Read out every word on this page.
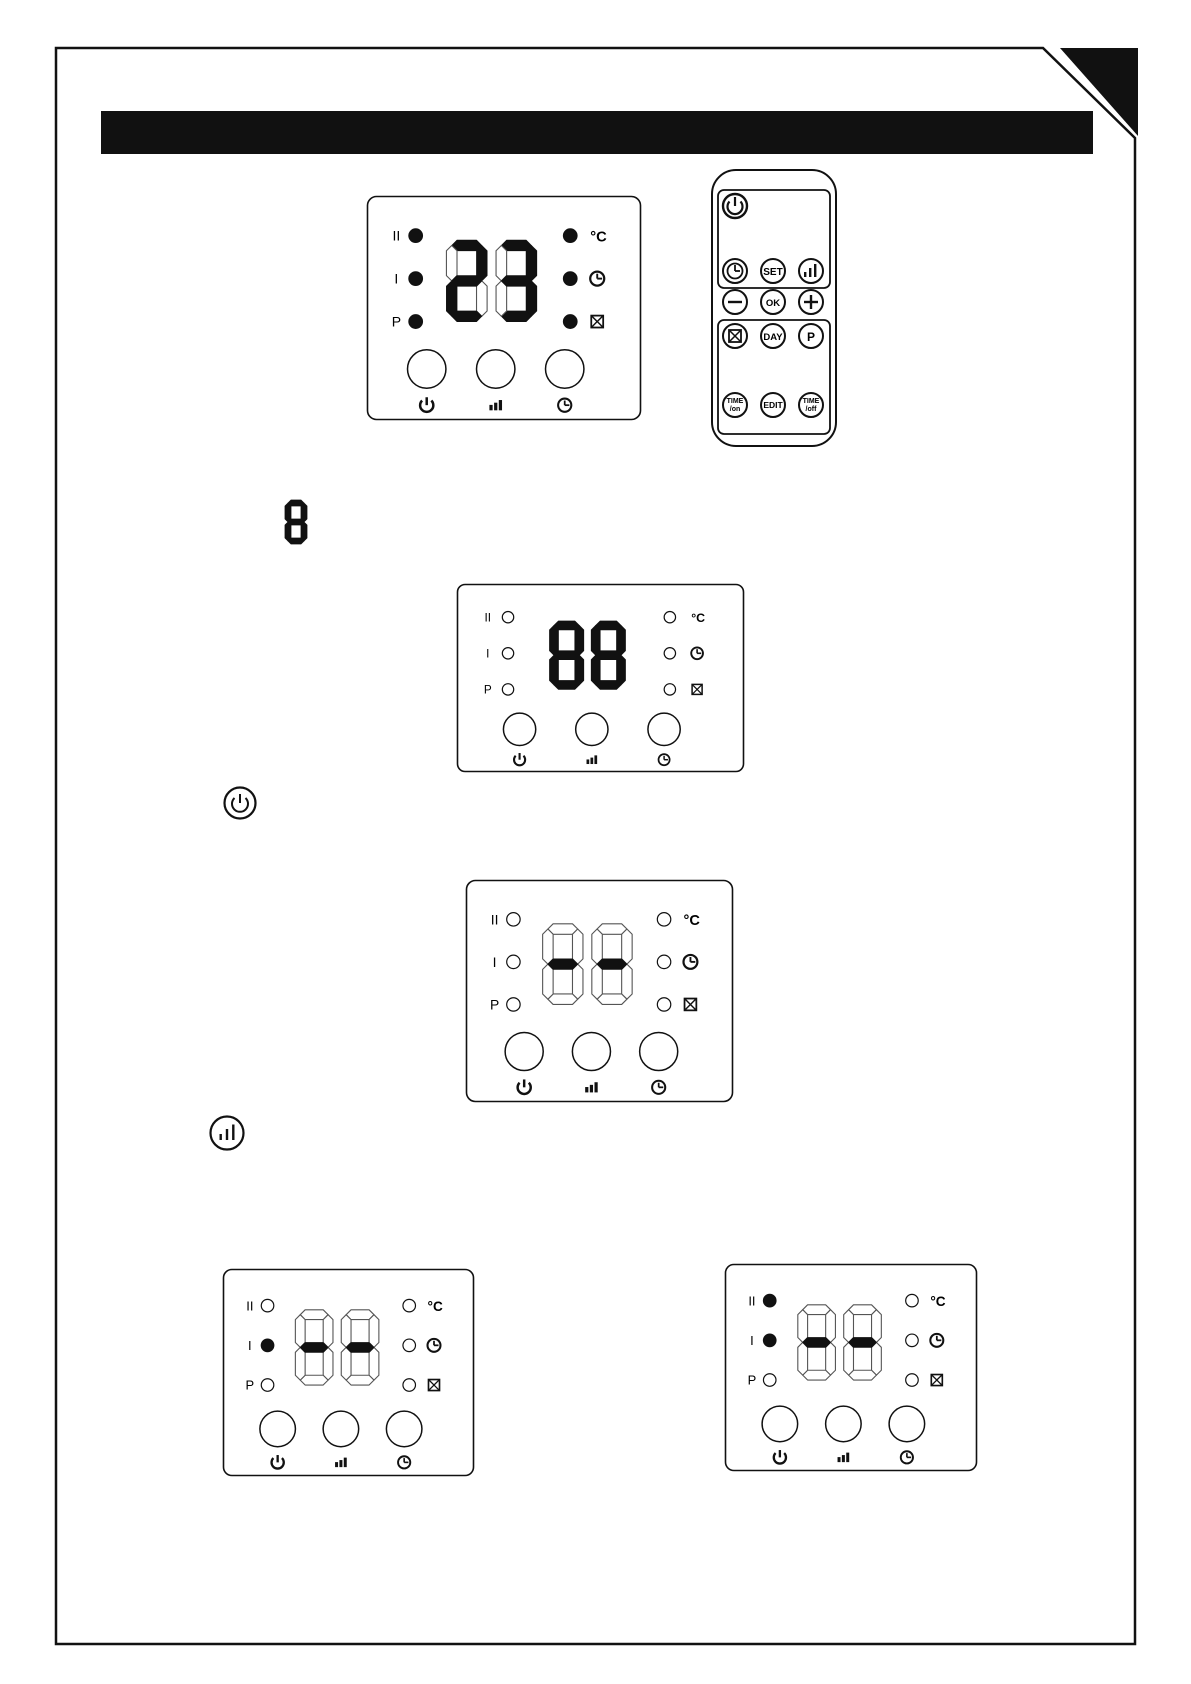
II
I
P
°C
II
I
P
°C
II
I
P
°C
II
I
P
°C	II
I
P
°C
SET
OK
DAY P
TIME
/on	EDIT	TIME
/off
